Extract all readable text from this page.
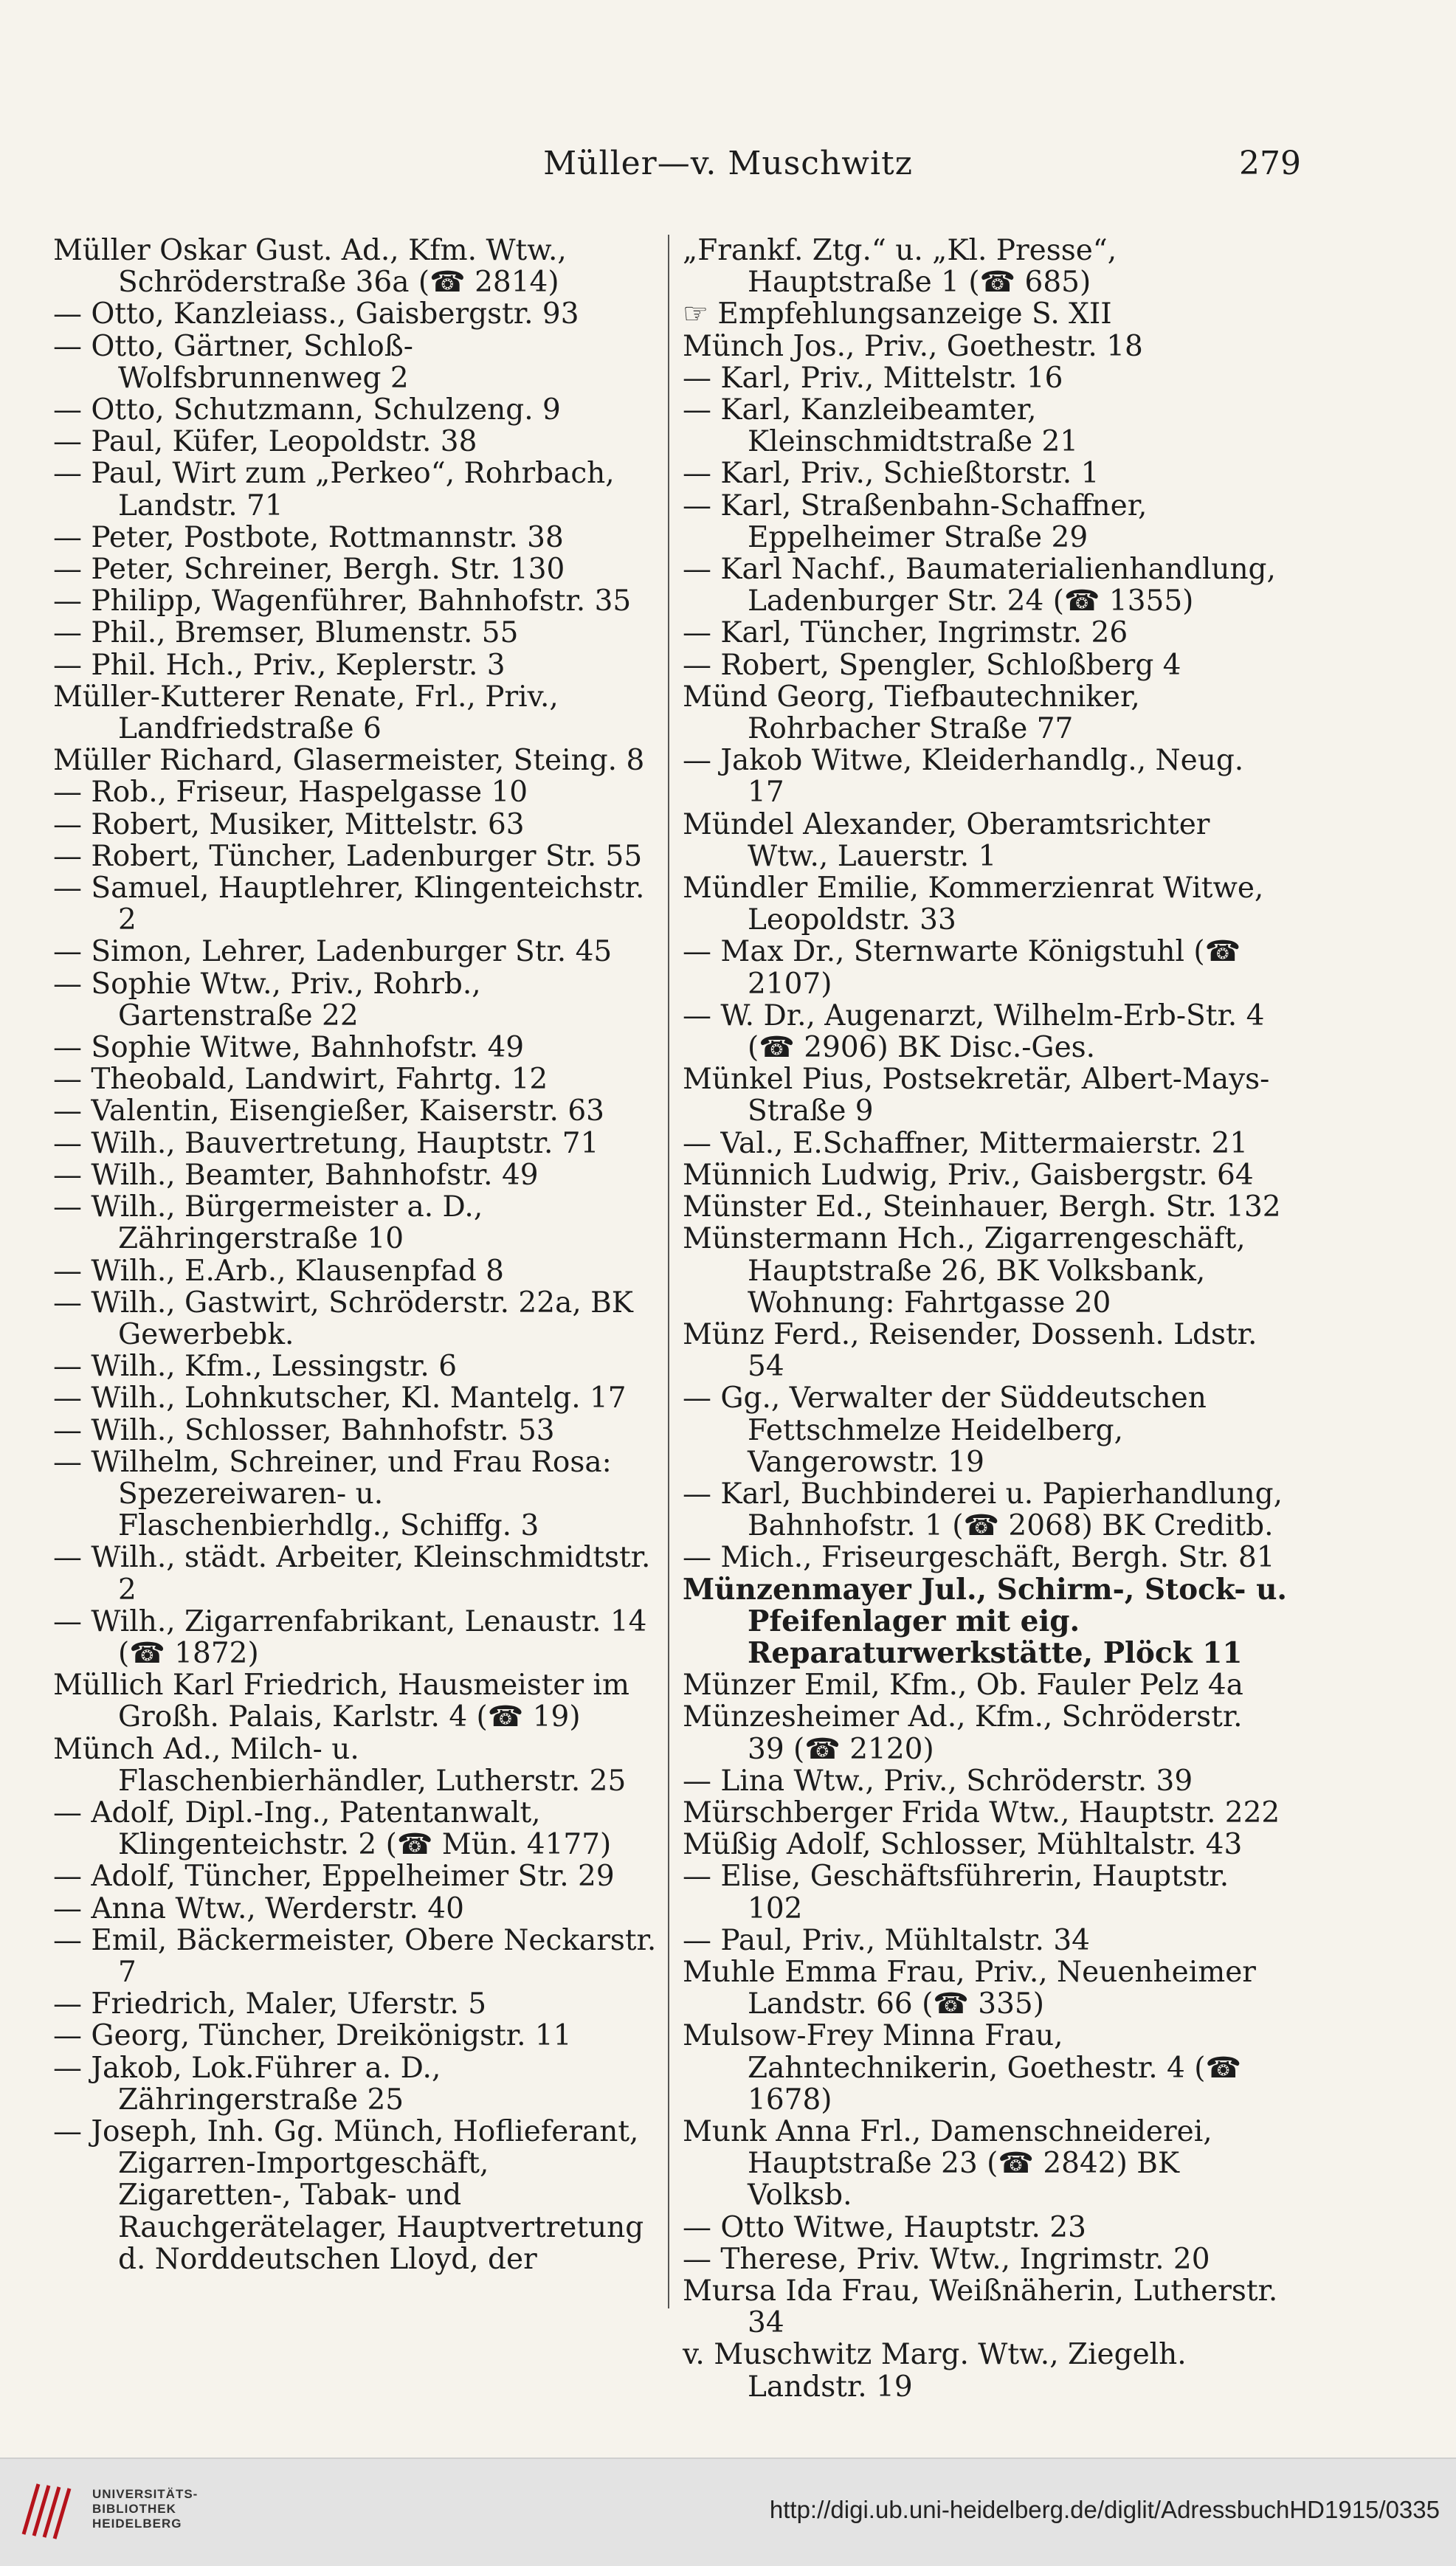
Müller—v. Muschwitz	279

Müller Oskar Gust. Ad., Kfm. Wtw., Schröderstraße 36a (☎ 2814)

— Otto, Kanzleiass., Gaisbergstr. 93

— Otto, Gärtner, Schloß-Wolfsbrunnenweg 2

— Otto, Schutzmann, Schulzeng. 9

— Paul, Küfer, Leopoldstr. 38

— Paul, Wirt zum „Perkeo“, Rohrbach, Landstr. 71

— Peter, Postbote, Rottmannstr. 38

— Peter, Schreiner, Bergh. Str. 130

— Philipp, Wagenführer, Bahnhofstr. 35

— Phil., Bremser, Blumenstr. 55

— Phil. Hch., Priv., Keplerstr. 3

Müller-Kutterer Renate, Frl., Priv., Landfriedstraße 6

Müller Richard, Glasermeister, Steing. 8

— Rob., Friseur, Haspelgasse 10

— Robert, Musiker, Mittelstr. 63

— Robert, Tüncher, Ladenburger Str. 55

— Samuel, Hauptlehrer, Klingenteichstr. 2

— Simon, Lehrer, Ladenburger Str. 45

— Sophie Wtw., Priv., Rohrb., Gartenstraße 22

— Sophie Witwe, Bahnhofstr. 49

— Theobald, Landwirt, Fahrtg. 12

— Valentin, Eisengießer, Kaiserstr. 63

— Wilh., Bauvertretung, Hauptstr. 71

— Wilh., Beamter, Bahnhofstr. 49

— Wilh., Bürgermeister a. D., Zähringerstraße 10

— Wilh., E.Arb., Klausenpfad 8

— Wilh., Gastwirt, Schröderstr. 22a, BK Gewerbebk.

— Wilh., Kfm., Lessingstr. 6

— Wilh., Lohnkutscher, Kl. Mantelg. 17

— Wilh., Schlosser, Bahnhofstr. 53

— Wilhelm, Schreiner, und Frau Rosa: Spezereiwaren- u. Flaschenbierhdlg., Schiffg. 3

— Wilh., städt. Arbeiter, Kleinschmidtstr. 2

— Wilh., Zigarrenfabrikant, Lenaustr. 14 (☎ 1872)

Müllich Karl Friedrich, Hausmeister im Großh. Palais, Karlstr. 4 (☎ 19)

Münch Ad., Milch- u. Flaschenbierhändler, Lutherstr. 25

— Adolf, Dipl.-Ing., Patentanwalt, Klingenteichstr. 2 (☎ Mün. 4177)

— Adolf, Tüncher, Eppelheimer Str. 29

— Anna Wtw., Werderstr. 40

— Emil, Bäckermeister, Obere Neckarstr. 7

— Friedrich, Maler, Uferstr. 5

— Georg, Tüncher, Dreikönigstr. 11

— Jakob, Lok.Führer a. D., Zähringerstraße 25

— Joseph, Inh. Gg. Münch, Hoflieferant, Zigarren-Importgeschäft, Zigaretten-, Tabak- und Rauchgerätelager, Hauptvertretung d. Norddeutschen Lloyd, der

„Frankf. Ztg.“ u. „Kl. Presse“, Hauptstraße 1 (☎ 685)

☞ Empfehlungsanzeige S. XII

Münch Jos., Priv., Goethestr. 18

— Karl, Priv., Mittelstr. 16

— Karl, Kanzleibeamter, Kleinschmidtstraße 21

— Karl, Priv., Schießtorstr. 1

— Karl, Straßenbahn-Schaffner, Eppelheimer Straße 29

— Karl Nachf., Baumaterialienhandlung, Ladenburger Str. 24 (☎ 1355)

— Karl, Tüncher, Ingrimstr. 26

— Robert, Spengler, Schloßberg 4

Münd Georg, Tiefbautechniker, Rohrbacher Straße 77

— Jakob Witwe, Kleiderhandlg., Neug. 17

Mündel Alexander, Oberamtsrichter Wtw., Lauerstr. 1

Mündler Emilie, Kommerzienrat Witwe, Leopoldstr. 33

— Max Dr., Sternwarte Königstuhl (☎ 2107)

— W. Dr., Augenarzt, Wilhelm-Erb-Str. 4 (☎ 2906) BK Disc.-Ges.

Münkel Pius, Postsekretär, Albert-Mays-Straße 9

— Val., E.Schaffner, Mittermaierstr. 21

Münnich Ludwig, Priv., Gaisbergstr. 64

Münster Ed., Steinhauer, Bergh. Str. 132

Münstermann Hch., Zigarrengeschäft, Hauptstraße 26, BK Volksbank, Wohnung: Fahrtgasse 20

Münz Ferd., Reisender, Dossenh. Ldstr. 54

— Gg., Verwalter der Süddeutschen Fettschmelze Heidelberg, Vangerowstr. 19

— Karl, Buchbinderei u. Papierhandlung, Bahnhofstr. 1 (☎ 2068) BK Creditb.

— Mich., Friseurgeschäft, Bergh. Str. 81

Münzenmayer Jul., Schirm-, Stock- u. Pfeifenlager mit eig. Reparaturwerkstätte, Plöck 11

Münzer Emil, Kfm., Ob. Fauler Pelz 4a

Münzesheimer Ad., Kfm., Schröderstr. 39 (☎ 2120)

— Lina Wtw., Priv., Schröderstr. 39

Mürschberger Frida Wtw., Hauptstr. 222

Müßig Adolf, Schlosser, Mühltalstr. 43

— Elise, Geschäftsführerin, Hauptstr. 102

— Paul, Priv., Mühltalstr. 34

Muhle Emma Frau, Priv., Neuenheimer Landstr. 66 (☎ 335)

Mulsow-Frey Minna Frau, Zahntechnikerin, Goethestr. 4 (☎ 1678)

Munk Anna Frl., Damenschneiderei, Hauptstraße 23 (☎ 2842) BK Volksb.

— Otto Witwe, Hauptstr. 23

— Therese, Priv. Wtw., Ingrimstr. 20

Mursa Ida Frau, Weißnäherin, Lutherstr. 34

v. Muschwitz Marg. Wtw., Ziegelh. Landstr. 19

UNIVERSITÄTS-
BIBLIOTHEK
HEIDELBERG
http://digi.ub.uni-heidelberg.de/diglit/AdressbuchHD1915/0335
